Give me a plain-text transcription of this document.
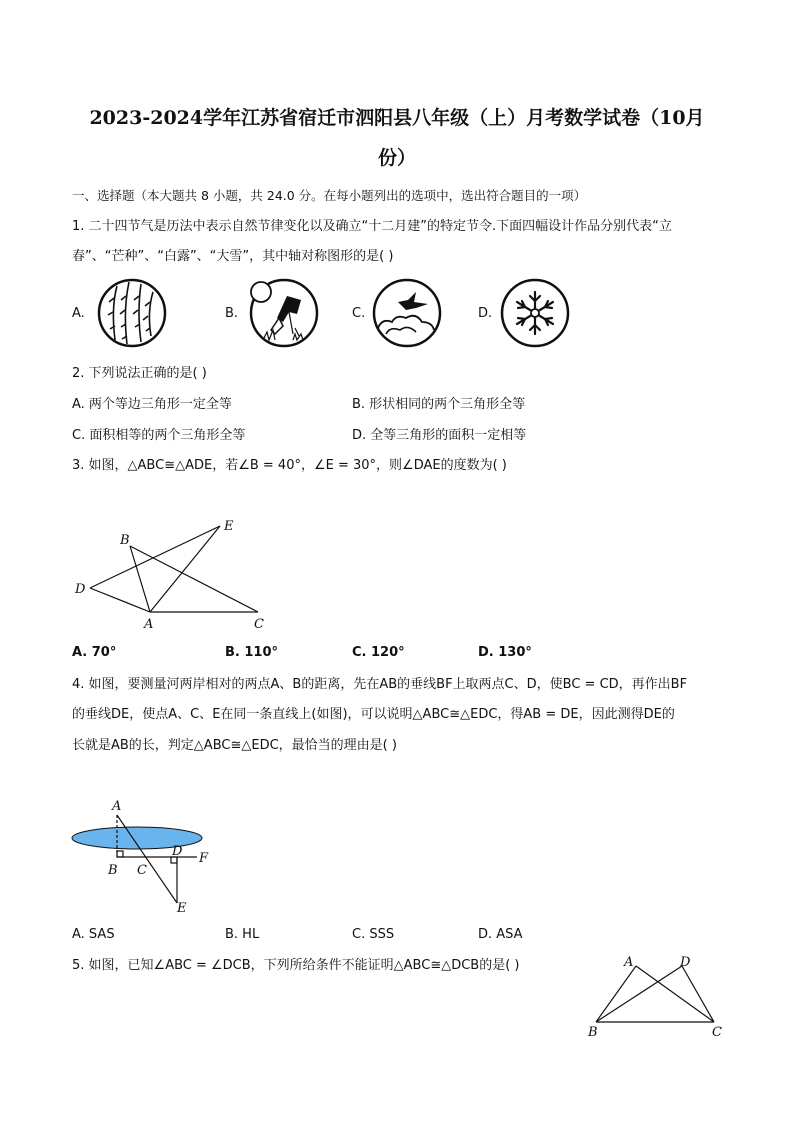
2023-2024学年江苏省宿迁市泗阳县八年级（上）月考数学试卷（10月
份）
一、选择题（本大题共 8 小题，共 24.0 分。在每小题列出的选项中，选出符合题目的一项）
1. 二十四节气是历法中表示自然节律变化以及确立“十二月建”的特定节令.下面四幅设计作品分别代表“立
春”、“芒种”、“白露”、“大雪”，其中轴对称图形的是( )
A.	B.	C.	D.
2. 下列说法正确的是( )
A. 两个等边三角形一定全等	B. 形状相同的两个三角形全等
C. 面积相等的两个三角形全等	D. 全等三角形的面积一定相等
3. 如图，△ABC≅△ADE，若∠B = 40°，∠E = 30°，则∠DAE的度数为( )
B
E
D
A	C
A. 70°	B. 110°	C. 120°	D. 130°
4. 如图，要测量河两岸相对的两点A、B的距离，先在AB的垂线BF上取两点C、D，使BC = CD，再作出BF
的垂线DE，使点A、C、E在同一条直线上(如图)，可以说明△ABC≅△EDC，得AB = DE，因此测得DE的
长就是AB的长，判定△ABC≅△EDC，最恰当的理由是( )
A
B C
D F
E
A. SAS	B. HL	C. SSS	D. ASA
5. 如图，已知∠ABC = ∠DCB，下列所给条件不能证明△ABC≅△DCB的是( )	A	D
B	C
